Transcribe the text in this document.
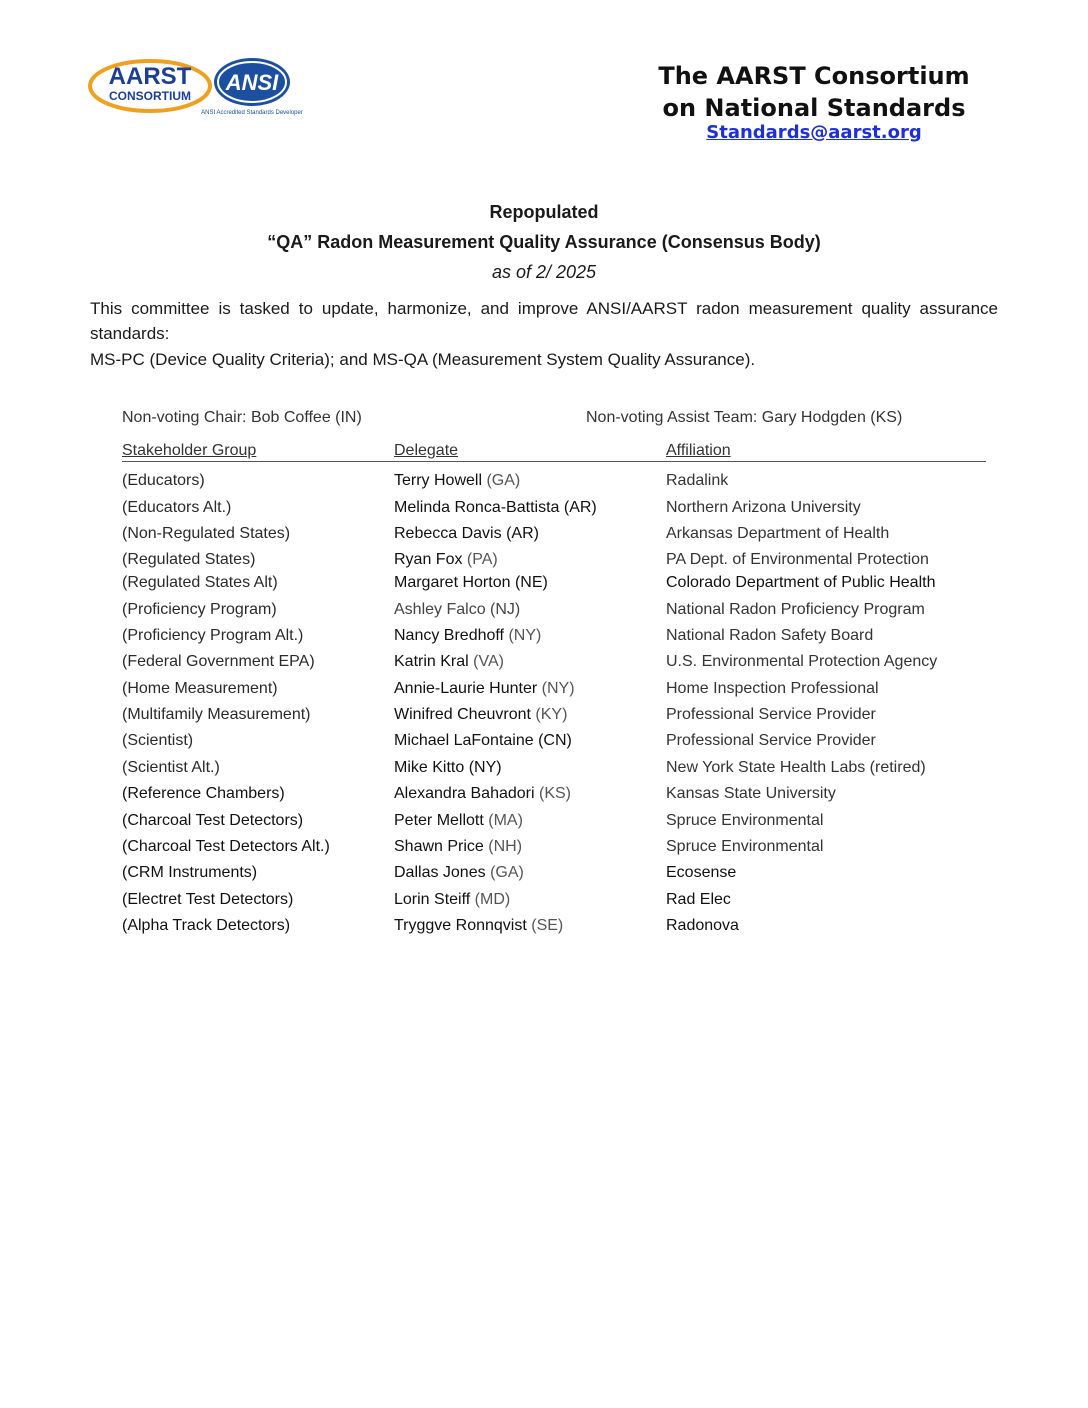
AARST
CONSORTIUM
ANSI
ANSI Accredited Standards Developer
The AARST Consortium
on National Standards
Standards@aarst.org
Repopulated
“QA” Radon Measurement Quality Assurance (Consensus Body)
as of 2/ 2025
This committee is tasked to update, harmonize, and improve ANSI/AARST radon measurement quality assurance standards:
MS-PC (Device Quality Criteria); and MS-QA (Measurement System Quality Assurance).
Non-voting Chair: Bob Coffee (IN)	Non-voting Assist Team: Gary Hodgden (KS)
Stakeholder Group	Delegate	Affiliation
(Educators)	Terry Howell (GA)	Radalink
(Educators Alt.)	Melinda Ronca-Battista (AR)	Northern Arizona University
(Non-Regulated States)	Rebecca Davis (AR)	Arkansas Department of Health
(Regulated States)	Ryan Fox (PA)	PA Dept. of Environmental Protection
(Regulated States Alt)	Margaret Horton (NE)	Colorado Department of Public Health
(Proficiency Program)	Ashley Falco (NJ)	National Radon Proficiency Program
(Proficiency Program Alt.)	Nancy Bredhoff (NY)	National Radon Safety Board
(Federal Government EPA)	Katrin Kral (VA)	U.S. Environmental Protection Agency
(Home Measurement)	Annie-Laurie Hunter (NY)	Home Inspection Professional
(Multifamily Measurement)	Winifred Cheuvront (KY)	Professional Service Provider
(Scientist)	Michael LaFontaine (CN)	Professional Service Provider
(Scientist Alt.)	Mike Kitto (NY)	New York State Health Labs (retired)
(Reference Chambers)	Alexandra Bahadori (KS)	Kansas State University
(Charcoal Test Detectors)	Peter Mellott (MA)	Spruce Environmental
(Charcoal Test Detectors Alt.)	Shawn Price (NH)	Spruce Environmental
(CRM Instruments)	Dallas Jones (GA)	Ecosense
(Electret Test Detectors)	Lorin Steiff (MD)	Rad Elec
(Alpha Track Detectors)	Tryggve Ronnqvist (SE)	Radonova
